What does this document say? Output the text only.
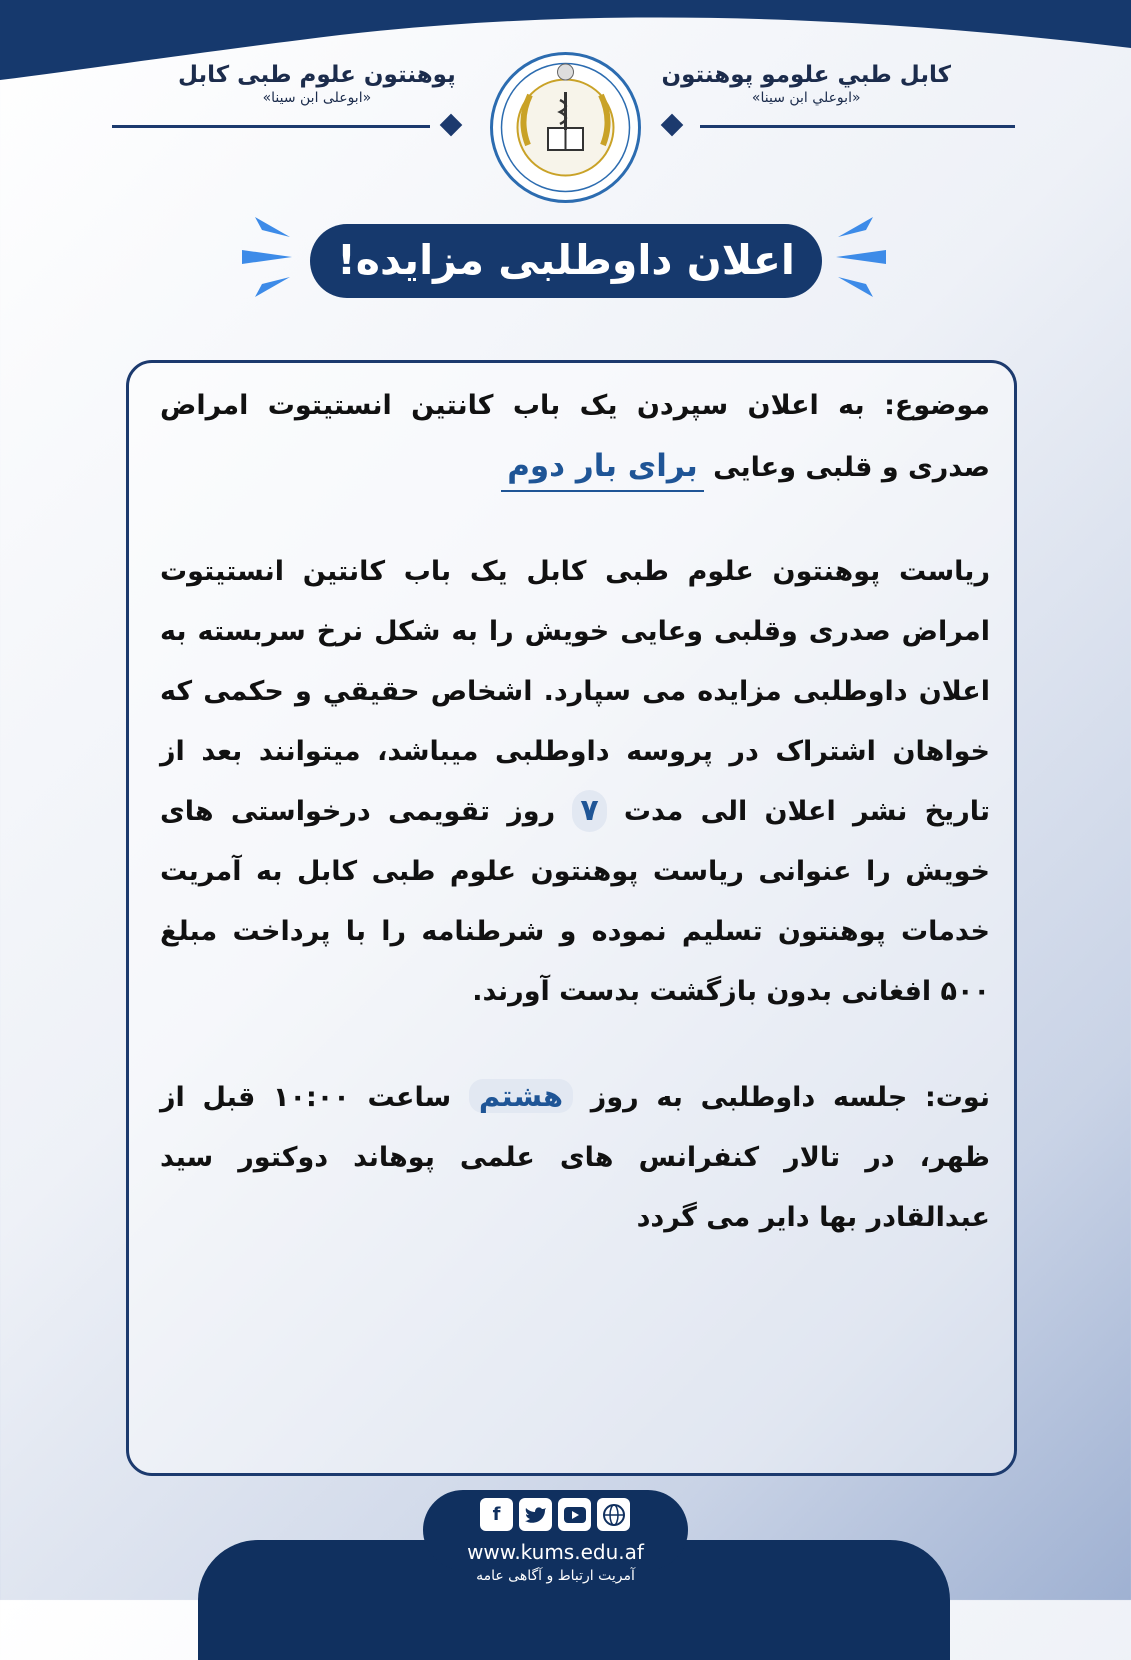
کابل طبي علومو پوهنتون
«ابوعلي ابن سينا»
پوهنتون علوم طبی کابل
«ابوعلی ابن سینا»
اعلان داوطلبی مزایده!
موضوع: به اعلان سپردن یک باب کانتین انستیتوت امراض صدری و قلبی وعایی برای بار دوم
ریاست پوهنتون علوم طبی کابل یک باب کانتین انستیتوت امراض صدری وقلبی وعایی خویش را به شکل نرخ سربسته به اعلان داوطلبی مزایده می سپارد. اشخاص حقیقي و حکمی که خواهان اشتراک در پروسه داوطلبی میباشد، میتوانند بعد از تاریخ نشر اعلان الی مدت ۷ روز تقویمی درخواستی های خویش را عنوانی ریاست پوهنتون علوم طبی کابل به آمریت خدمات پوهنتون تسلیم نموده و شرطنامه را با پرداخت مبلغ ۵۰۰ افغانی بدون بازگشت بدست آورند.
نوت: جلسه داوطلبی به روز هشتم ساعت ۱۰:۰۰ قبل از ظهر، در تالار کنفرانس های علمی پوهاند دوکتور سید عبدالقادر بها دایر می گردد
f
www.kums.edu.af
آمریت ارتباط و آگاهی عامه
